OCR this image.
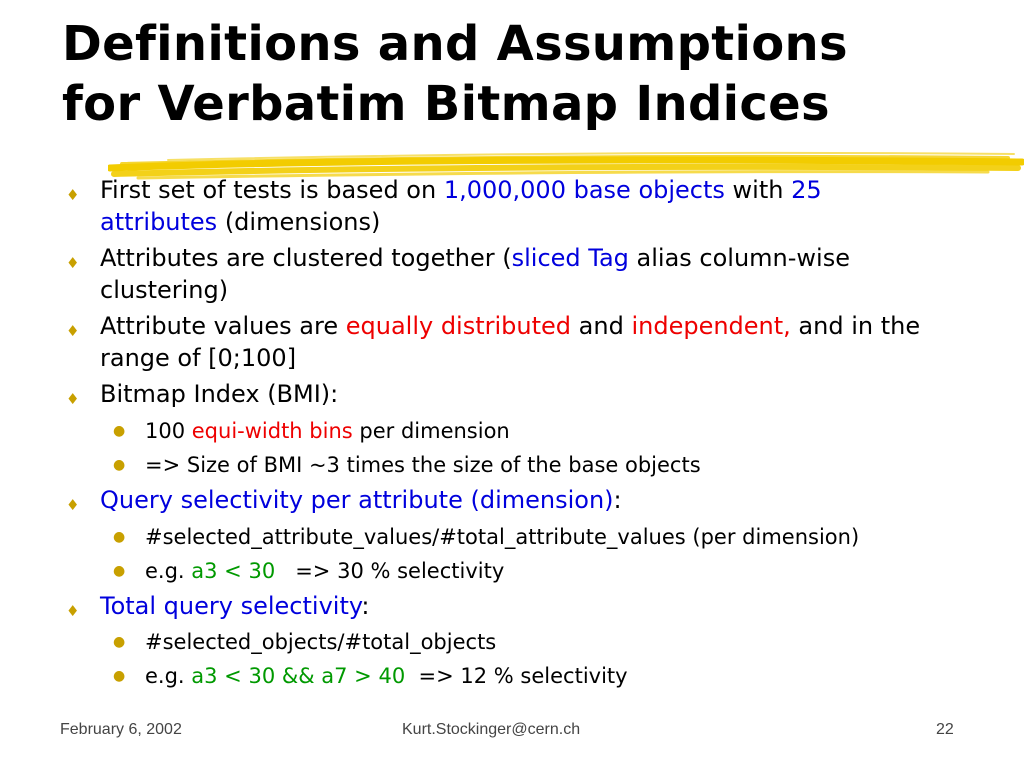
Definitions and Assumptions
for Verbatim Bitmap Indices
♦ First set of tests is based on 1,000,000 base objects with 25
attributes (dimensions)
♦ Attributes are clustered together (sliced Tag alias column-wise
clustering)
♦ Attribute values are equally distributed and independent, and in the
range of [0;100]
♦ Bitmap Index (BMI):
● 100 equi-width bins per dimension
● => Size of BMI ~3 times the size of the base objects
♦ Query selectivity per attribute (dimension):
● #selected_attribute_values/#total_attribute_values (per dimension)
● e.g. a3 < 30   => 30 % selectivity
♦ Total query selectivity:
● #selected_objects/#total_objects
● e.g. a3 < 30 && a7 > 40  => 12 % selectivity
February 6, 2002	Kurt.Stockinger@cern.ch	22
